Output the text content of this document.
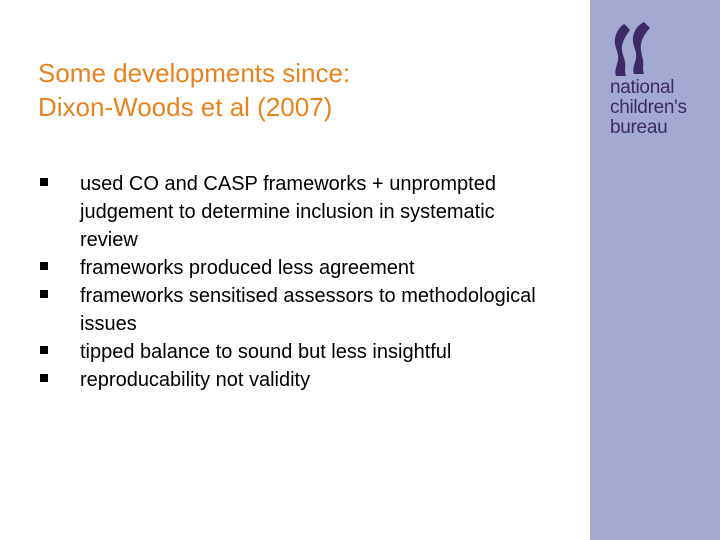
Some developments since:
Dixon-Woods et al (2007)
used CO and CASP frameworks + unprompted judgement to determine inclusion in systematic review
frameworks produced less agreement
frameworks sensitised assessors to methodological issues
tipped balance to sound but less insightful
reproducability not validity
national
children's
bureau
